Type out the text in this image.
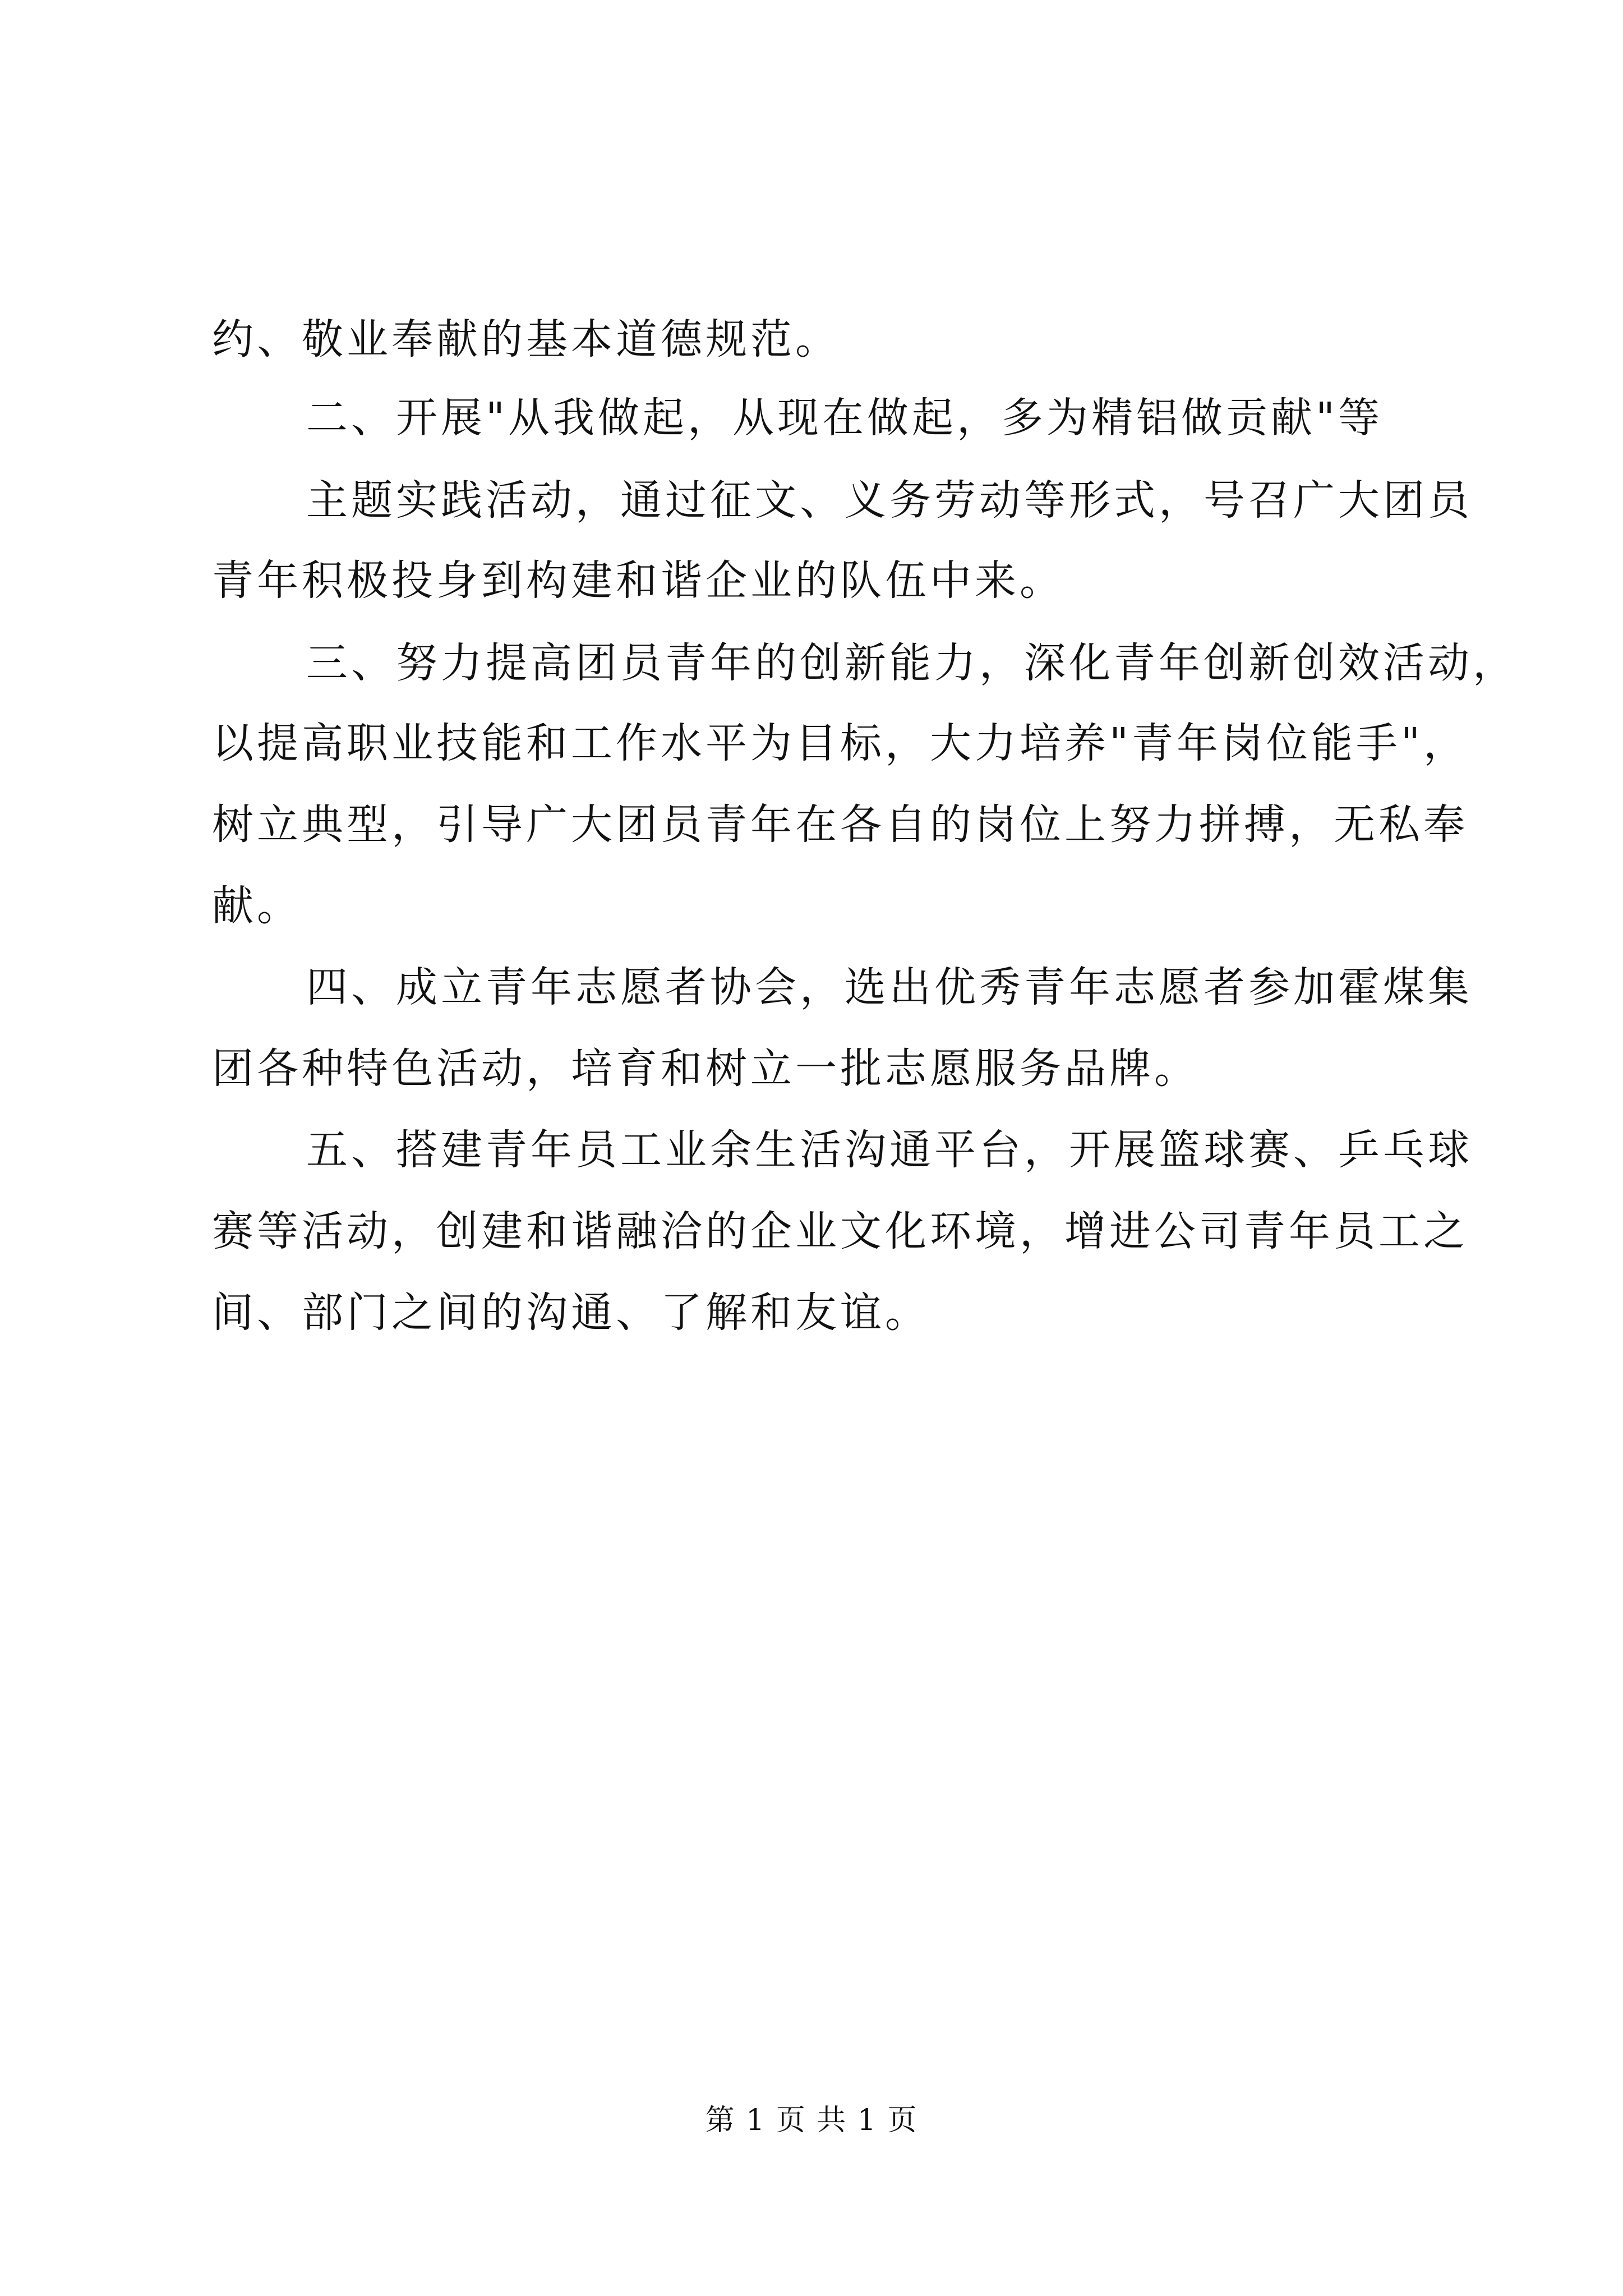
约、敬业奉献的基本道德规范。
二、开展"从我做起，从现在做起，多为精铝做贡献"等
主题实践活动，通过征文、义务劳动等形式，号召广大团员
青年积极投身到构建和谐企业的队伍中来。
三、努力提高团员青年的创新能力，深化青年创新创效活动，
以提高职业技能和工作水平为目标，大力培养"青年岗位能手"，
树立典型，引导广大团员青年在各自的岗位上努力拼搏，无私奉
献。
四、成立青年志愿者协会，选出优秀青年志愿者参加霍煤集
团各种特色活动，培育和树立一批志愿服务品牌。
五、搭建青年员工业余生活沟通平台，开展篮球赛、乒乓球
赛等活动，创建和谐融洽的企业文化环境，增进公司青年员工之
间、部门之间的沟通、了解和友谊。
第 1 页 共 1 页
